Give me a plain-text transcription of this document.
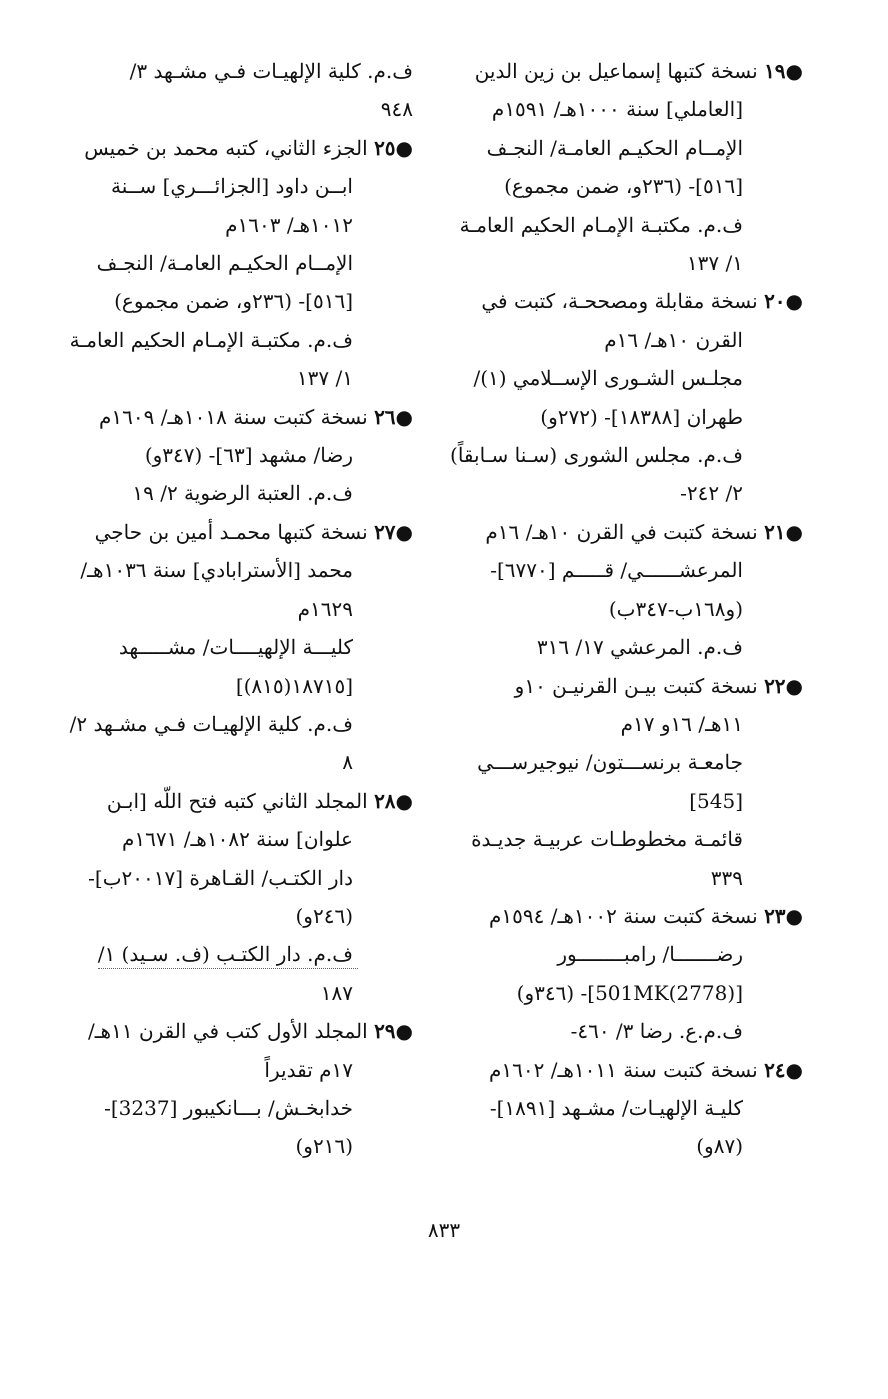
●١٩ نسخة كتبها إسماعيل بن زين الدين
[العاملي] سنة ١٠٠٠هـ/ ١٥٩١م
الإمــام الحكيـم العامـة/ النجـف
[٥١٦]- (٢٣٦و، ضمن مجموع)
ف.م. مكتبـة الإمـام الحكيم العامـة
١/ ١٣٧
●٢٠ نسخة مقابلة ومصححـة، كتبت في
القرن ١٠هـ/ ١٦م
مجلـس الشـورى الإســلامي (١)/
طهران [١٨٣٨٨]- (٢٧٢و)
ف.م. مجلس الشورى (سـنا سـابقاً)
٢/ ٢٤٢-
●٢١ نسخة كتبت في القرن ١٠هـ/ ١٦م
المرعشــــــي/ قـــــم [٦٧٧٠]-
(و١٦٨ب-٣٤٧ب)
ف.م. المرعشي ١٧/ ٣١٦
●٢٢ نسخة كتبت بيـن القرنيـن ١٠و
١١هـ/ ١٦و ١٧م
جامعـة برنســـتون/ نيوجيرســـي
[545]
قائمـة مخطوطـات عربيـة جديـدة
٣٣٩
●٢٣ نسخة كتبت سنة ١٠٠٢هـ/ ١٥٩٤م
رضـــــــا/ رامبــــــــور
[501MK(2778)]- (٣٤٦و)
ف.م.ع. رضا ٣/ ٤٦٠-
●٢٤ نسخة كتبت سنة ١٠١١هـ/ ١٦٠٢م
كليـة الإلهيـات/ مشـهد [١٨٩١]-
(٨٧و)
ف.م. كلية الإلهيـات فـي مشـهد ٣/
٩٤٨
●٢٥ الجزء الثاني، كتبه محمد بن خميس
ابــن داود [الجزائـــري] ســنة
١٠١٢هـ/ ١٦٠٣م
الإمــام الحكيـم العامـة/ النجـف
[٥١٦]- (٢٣٦و، ضمن مجموع)
ف.م. مكتبـة الإمـام الحكيم العامـة
١/ ١٣٧
●٢٦ نسخة كتبت سنة ١٠١٨هـ/ ١٦٠٩م
رضا/ مشهد [٦٣]- (٣٤٧و)
ف.م. العتبة الرضوية ٢/ ١٩
●٢٧ نسخة كتبها محمـد أمين بن حاجي
محمد [الأسترابادي] سنة ١٠٣٦هـ/
١٦٢٩م
كليـــة الإلهيــــات/ مشـــــهد
[١٨٧١٥(٨١٥)]
ف.م. كلية الإلهيـات فـي مشـهد ٢/
٨
●٢٨ المجلد الثاني كتبه فتح اللّه [ابـن
علوان] سنة ١٠٨٢هـ/ ١٦٧١م
دار الكتـب/ القـاهرة [٢٠٠١٧ب]-
(٢٤٦و)
ف.م. دار الكتـب (ف. سـيد) ١/
١٨٧
●٢٩ المجلد الأول كتب في القرن ١١هـ/
١٧م تقديراً
خدابخـش/ بـــانكيبور [3237]-
(٢١٦و)
٨٣٣
